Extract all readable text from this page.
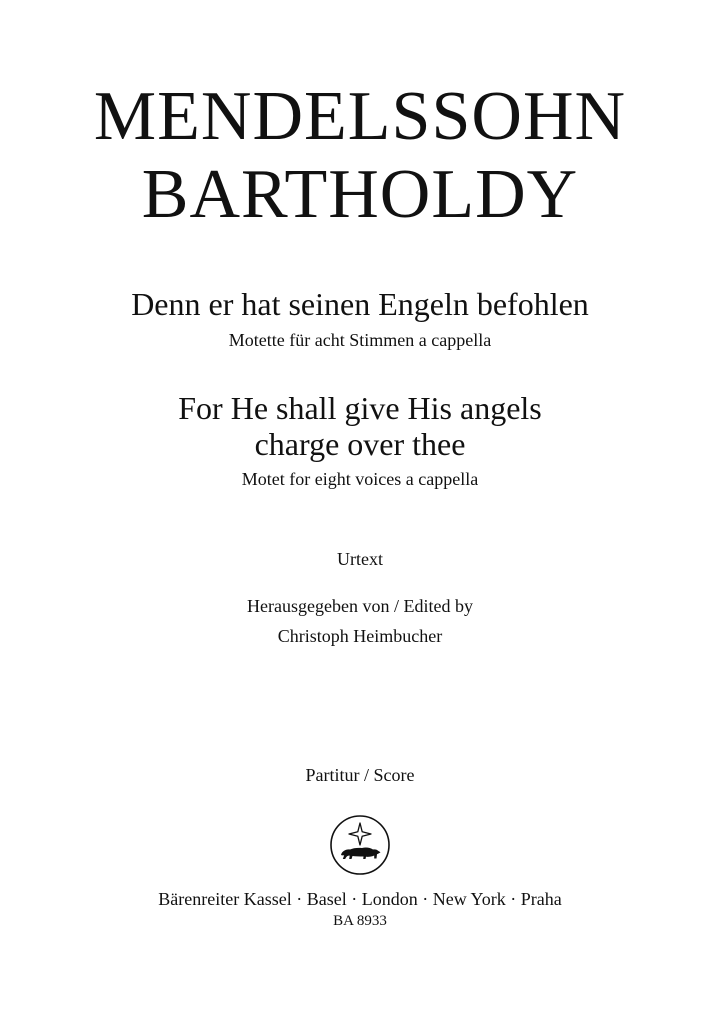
MENDELSSOHN
BARTHOLDY
Denn er hat seinen Engeln befohlen
Motette für acht Stimmen a cappella
For He shall give His angels
charge over thee
Motet for eight voices a cappella
Urtext
Herausgegeben von / Edited by
Christoph Heimbucher
Partitur / Score
Bärenreiter Kassel · Basel · London · New York · Praha
BA 8933
